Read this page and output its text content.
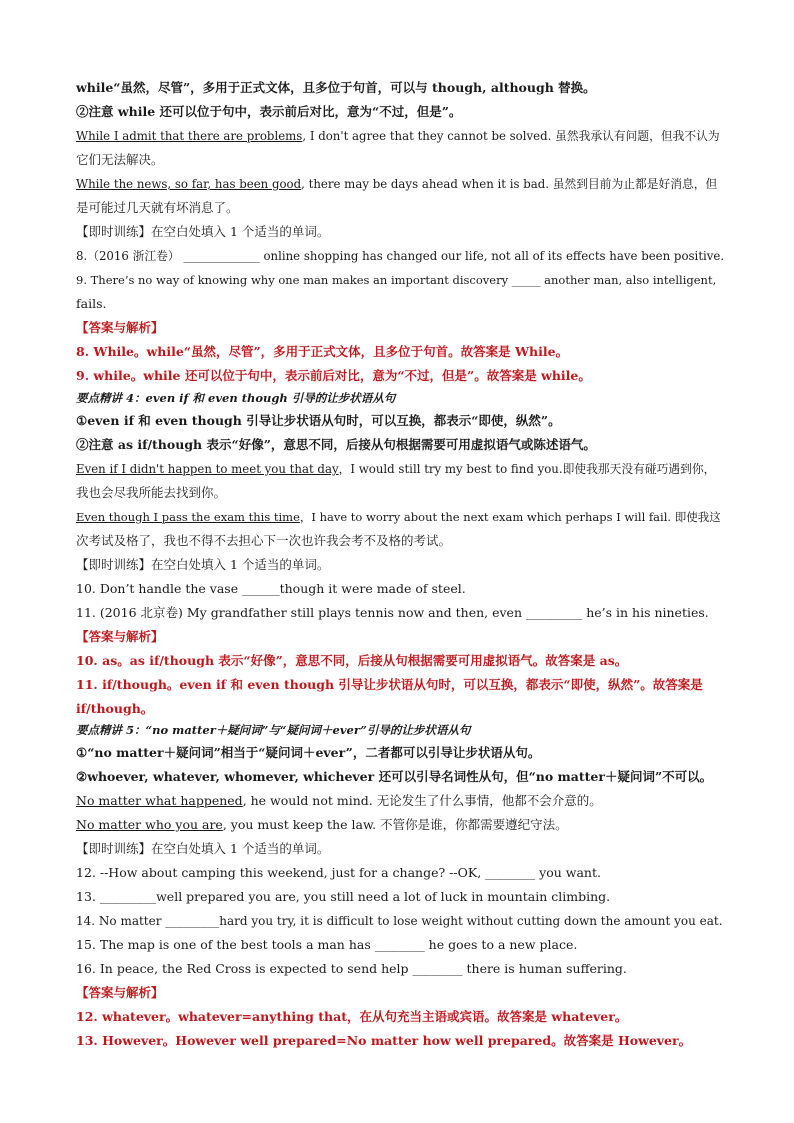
while“虽然，尽管”，多用于正式文体，且多位于句首，可以与 though, although 替换。
②注意 while 还可以位于句中，表示前后对比，意为“不过，但是”。
While I admit that there are problems, I don't agree that they cannot be solved. 虽然我承认有问题，但我不认为
它们无法解决。
While the news, so far, has been good, there may be days ahead when it is bad. 虽然到目前为止都是好消息，但
是可能过几天就有坏消息了。
【即时训练】在空白处填入 1 个适当的单词。
8.（2016 浙江卷） _____________ online shopping has changed our life, not all of its effects have been positive.
9. There’s no way of knowing why one man makes an important discovery _____ another man, also intelligent,
fails.
【答案与解析】
8. While。while“虽然，尽管”，多用于正式文体，且多位于句首。故答案是 While。
9. while。while 还可以位于句中，表示前后对比，意为“不过，但是”。故答案是 while。
要点精讲 4：even if 和 even though 引导的让步状语从句
①even if 和 even though 引导让步状语从句时，可以互换，都表示“即使，纵然”。
②注意 as if/though 表示“好像”，意思不同，后接从句根据需要可用虚拟语气或陈述语气。
Even if I didn't happen to meet you that day，I would still try my best to find you.即使我那天没有碰巧遇到你，
我也会尽我所能去找到你。
Even though I pass the exam this time，I have to worry about the next exam which perhaps I will fail. 即使我这
次考试及格了，我也不得不去担心下一次也许我会考不及格的考试。
【即时训练】在空白处填入 1 个适当的单词。
10. Don’t handle the vase ______though it were made of steel.
11. (2016 北京卷) My grandfather still plays tennis now and then, even _________ he’s in his nineties.
【答案与解析】
10. as。as if/though 表示“好像”，意思不同，后接从句根据需要可用虚拟语气。故答案是 as。
11. if/though。even if 和 even though 引导让步状语从句时，可以互换，都表示“即使，纵然”。故答案是
if/though。
要点精讲 5：“no matter＋疑问词”与“疑问词＋ever”引导的让步状语从句
①“no matter＋疑问词”相当于“疑问词＋ever”，二者都可以引导让步状语从句。
②whoever, whatever, whomever, whichever 还可以引导名词性从句，但“no matter＋疑问词”不可以。
No matter what happened, he would not mind. 无论发生了什么事情，他都不会介意的。
No matter who you are, you must keep the law. 不管你是谁，你都需要遵纪守法。
【即时训练】在空白处填入 1 个适当的单词。
12. --How about camping this weekend, just for a change? --OK, ________ you want.
13. _________well prepared you are, you still need a lot of luck in mountain climbing.
14. No matter _________hard you try, it is difficult to lose weight without cutting down the amount you eat.
15. The map is one of the best tools a man has ________ he goes to a new place.
16. In peace, the Red Cross is expected to send help ________ there is human suffering.
【答案与解析】
12. whatever。whatever=anything that，在从句充当主语或宾语。故答案是 whatever。
13. However。However well prepared=No matter how well prepared。故答案是 However。
